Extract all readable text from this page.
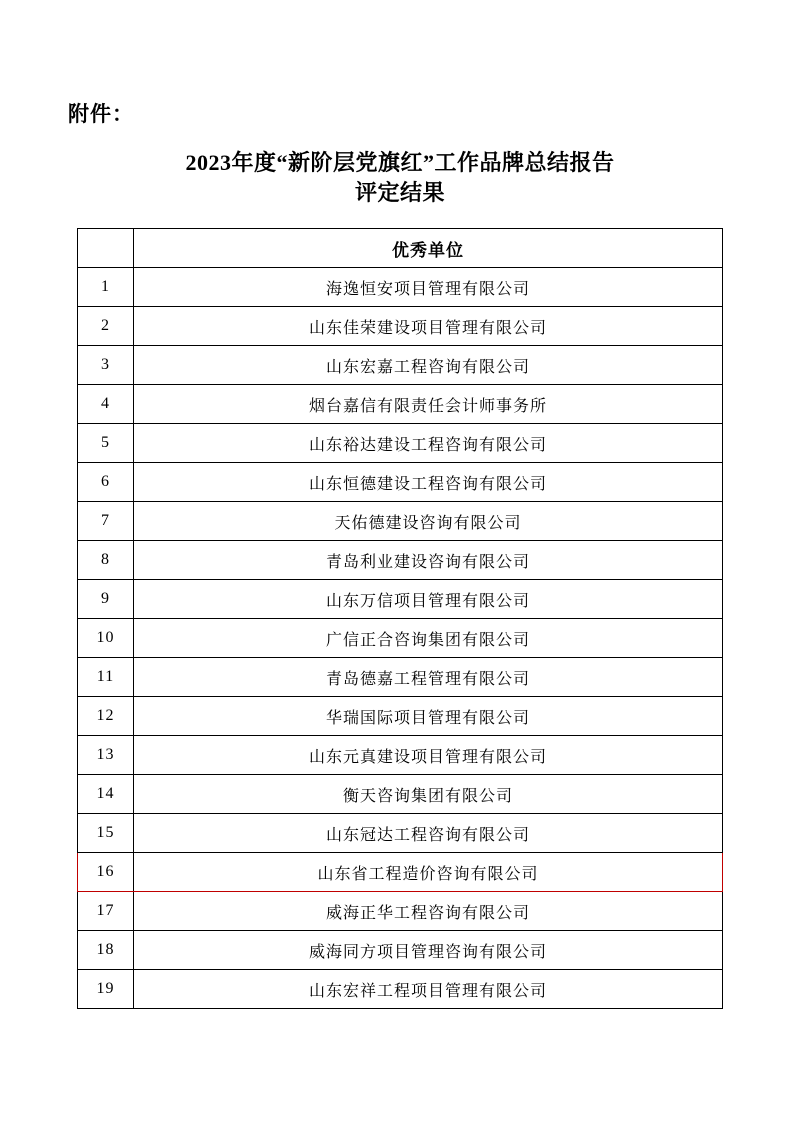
附件：
2023年度“新阶层党旗红”工作品牌总结报告
评定结果
	优秀单位
1	海逸恒安项目管理有限公司
2	山东佳荣建设项目管理有限公司
3	山东宏嘉工程咨询有限公司
4	烟台嘉信有限责任会计师事务所
5	山东裕达建设工程咨询有限公司
6	山东恒德建设工程咨询有限公司
7	天佑德建设咨询有限公司
8	青岛利业建设咨询有限公司
9	山东万信项目管理有限公司
10	广信正合咨询集团有限公司
11	青岛德嘉工程管理有限公司
12	华瑞国际项目管理有限公司
13	山东元真建设项目管理有限公司
14	衡天咨询集团有限公司
15	山东冠达工程咨询有限公司
16	山东省工程造价咨询有限公司
17	威海正华工程咨询有限公司
18	威海同方项目管理咨询有限公司
19	山东宏祥工程项目管理有限公司
